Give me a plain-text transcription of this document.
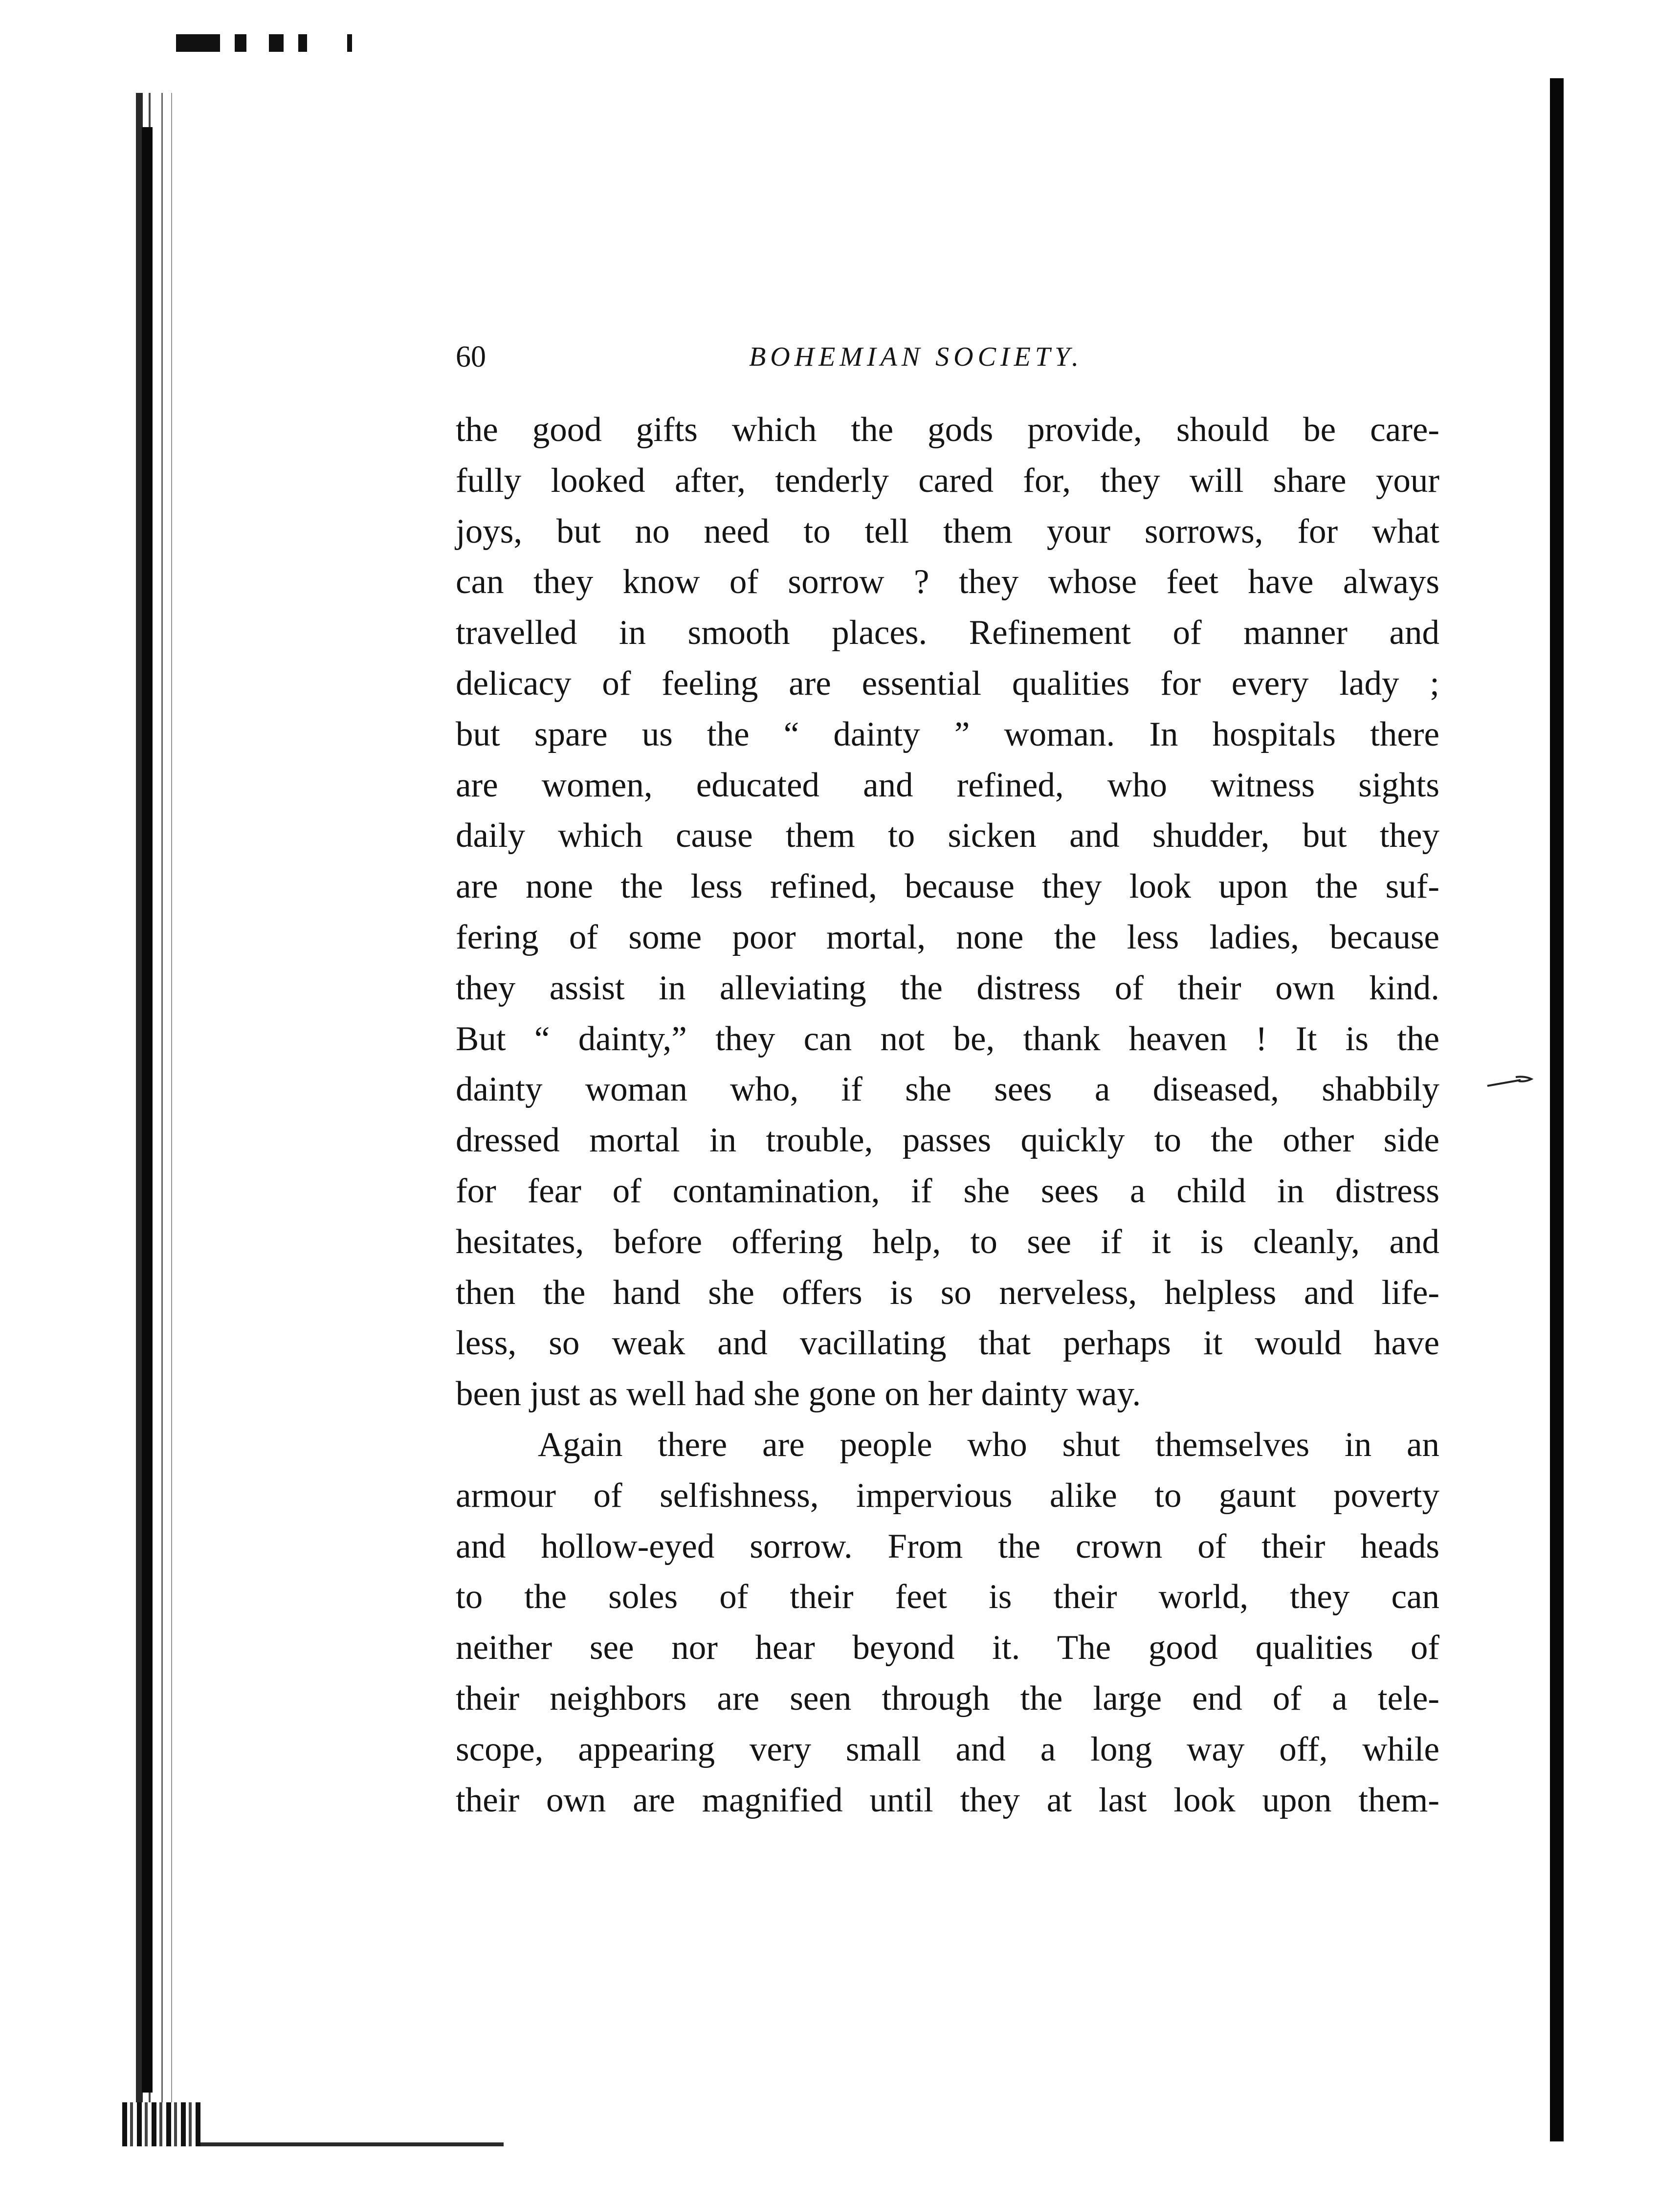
60	BOHEMIAN SOCIETY.
the good gifts which the gods provide, should be care-
fully looked after, tenderly cared for, they will share your
joys, but no need to tell them your sorrows, for what
can they know of sorrow ? they whose feet have always
travelled in smooth places. Refinement of manner and
delicacy of feeling are essential qualities for every lady ;
but spare us the “ dainty ” woman. In hospitals there
are women, educated and refined, who witness sights
daily which cause them to sicken and shudder, but they
are none the less refined, because they look upon the suf-
fering of some poor mortal, none the less ladies, because
they assist in alleviating the distress of their own kind.
But “ dainty,” they can not be, thank heaven ! It is the
dainty woman who, if she sees a diseased, shabbily
dressed mortal in trouble, passes quickly to the other side
for fear of contamination, if she sees a child in distress
hesitates, before offering help, to see if it is cleanly, and
then the hand she offers is so nerveless, helpless and life-
less, so weak and vacillating that perhaps it would have
been just as well had she gone on her dainty way.
Again there are people who shut themselves in an
armour of selfishness, impervious alike to gaunt poverty
and hollow-eyed sorrow. From the crown of their heads
to the soles of their feet is their world, they can
neither see nor hear beyond it. The good qualities of
their neighbors are seen through the large end of a tele-
scope, appearing very small and a long way off, while
their own are magnified until they at last look upon them-
